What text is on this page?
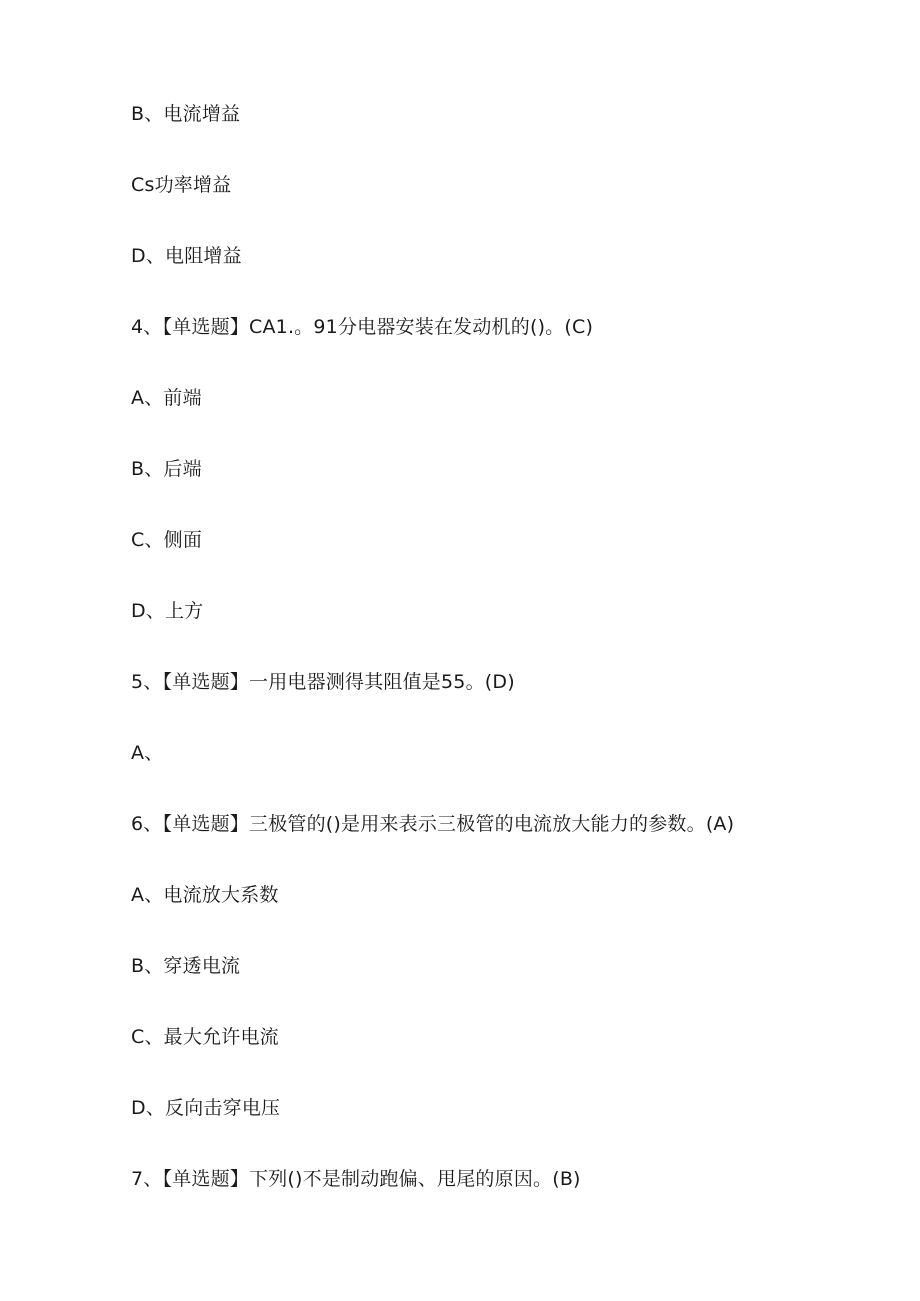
B、电流增益
Cs功率增益
D、电阻增益
4、【单选题】CA1.。91分电器安装在发动机的()。(C)
A、前端
B、后端
C、侧面
D、上方
5、【单选题】一用电器测得其阻值是55。(D)
A、
6、【单选题】三极管的()是用来表示三极管的电流放大能力的参数。(A)
A、电流放大系数
B、穿透电流
C、最大允许电流
D、反向击穿电压
7、【单选题】下列()不是制动跑偏、甩尾的原因。(B)
